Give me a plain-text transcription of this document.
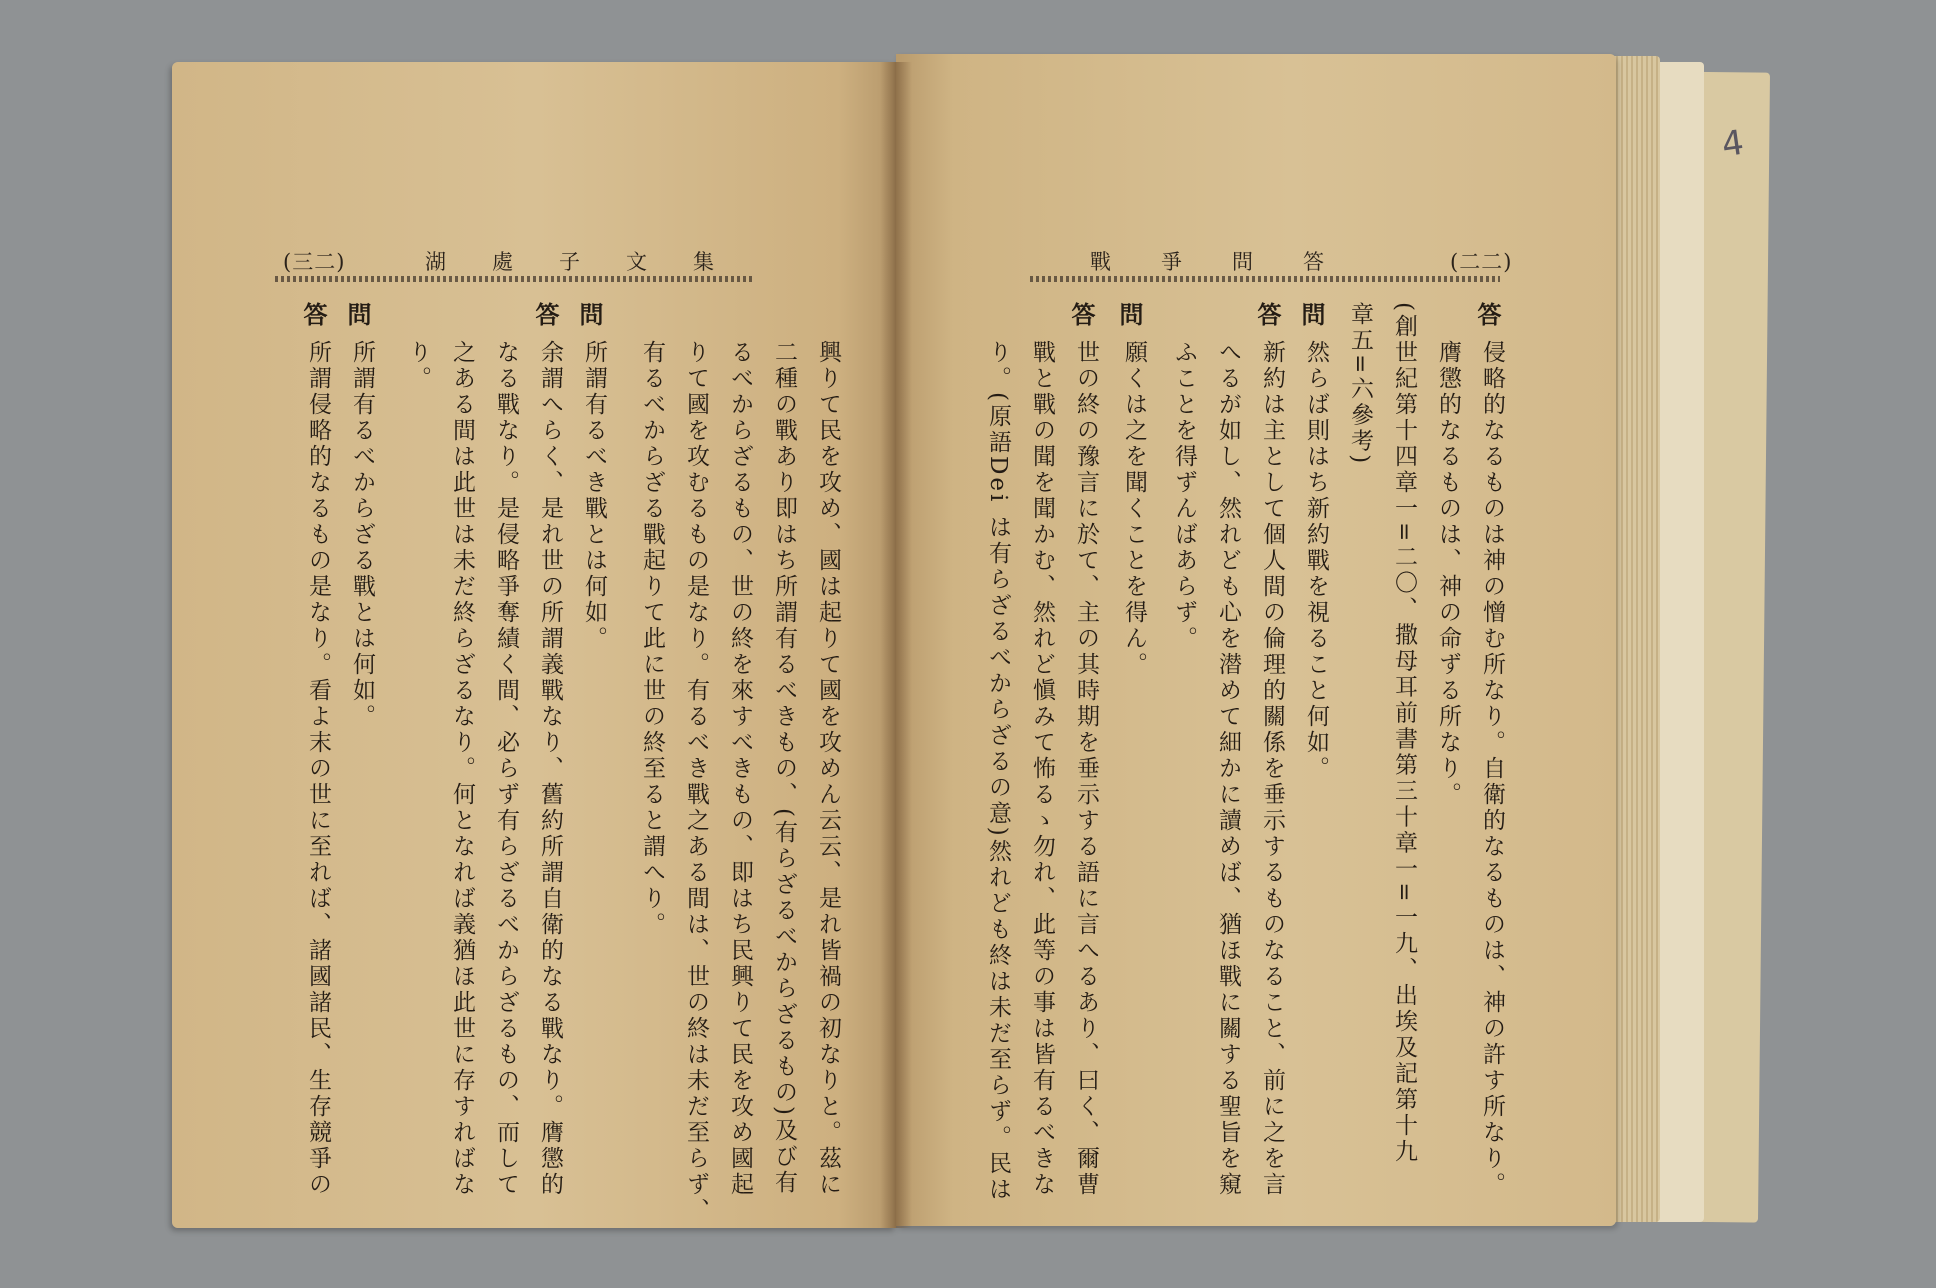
(三二)	湖處子文集	戰爭問答	(二二)
答
侵略的なるものは神の憎む所なり。自衛的なるものは、神の許す所なり。
膺懲的なるものは、神の命ずる所なり。
(創世紀第十四章一=二〇、撒母耳前書第三十章一=一九、出埃及記第十九
章五=六參考)
問
然らば則はち新約戰を視ること何如。
答
新約は主として個人間の倫理的關係を垂示するものなること、前に之を言
へるが如し、然れども心を潜めて細かに讀めば、猶ほ戰に關する聖旨を窺
ふことを得ずんばあらず。
問
願くは之を聞くことを得ん。
答
世の終の豫言に於て、主の其時期を垂示する語に言へるあり、曰く、爾曹
戰と戰の聞を聞かむ、然れど愼みて怖るゝ勿れ、此等の事は皆有るべきな
り。(原語Dei は有らざるべからざるの意)然れども終は未だ至らず。民は
興りて民を攻め、國は起りて國を攻めん云云、是れ皆禍の初なりと。茲に
二種の戰あり即はち所謂有るべきもの、(有らざるべからざるもの)及び有
るべからざるもの、世の終を來すべきもの、即はち民興りて民を攻め國起
りて國を攻むるもの是なり。有るべき戰之ある間は、世の終は未だ至らず、
有るべからざる戰起りて此に世の終至ると謂へり。
問
所謂有るべき戰とは何如。
答
余謂へらく、是れ世の所謂義戰なり、舊約所謂自衛的なる戰なり。膺懲的
なる戰なり。是侵略爭奪績く間、必らず有らざるべからざるもの、而して
之ある間は此世は未だ終らざるなり。何となれば義猶ほ此世に存すればな
り。
問
所謂有るべからざる戰とは何如。
答
所謂侵略的なるもの是なり。看よ末の世に至れば、諸國諸民、生存競爭の
4
